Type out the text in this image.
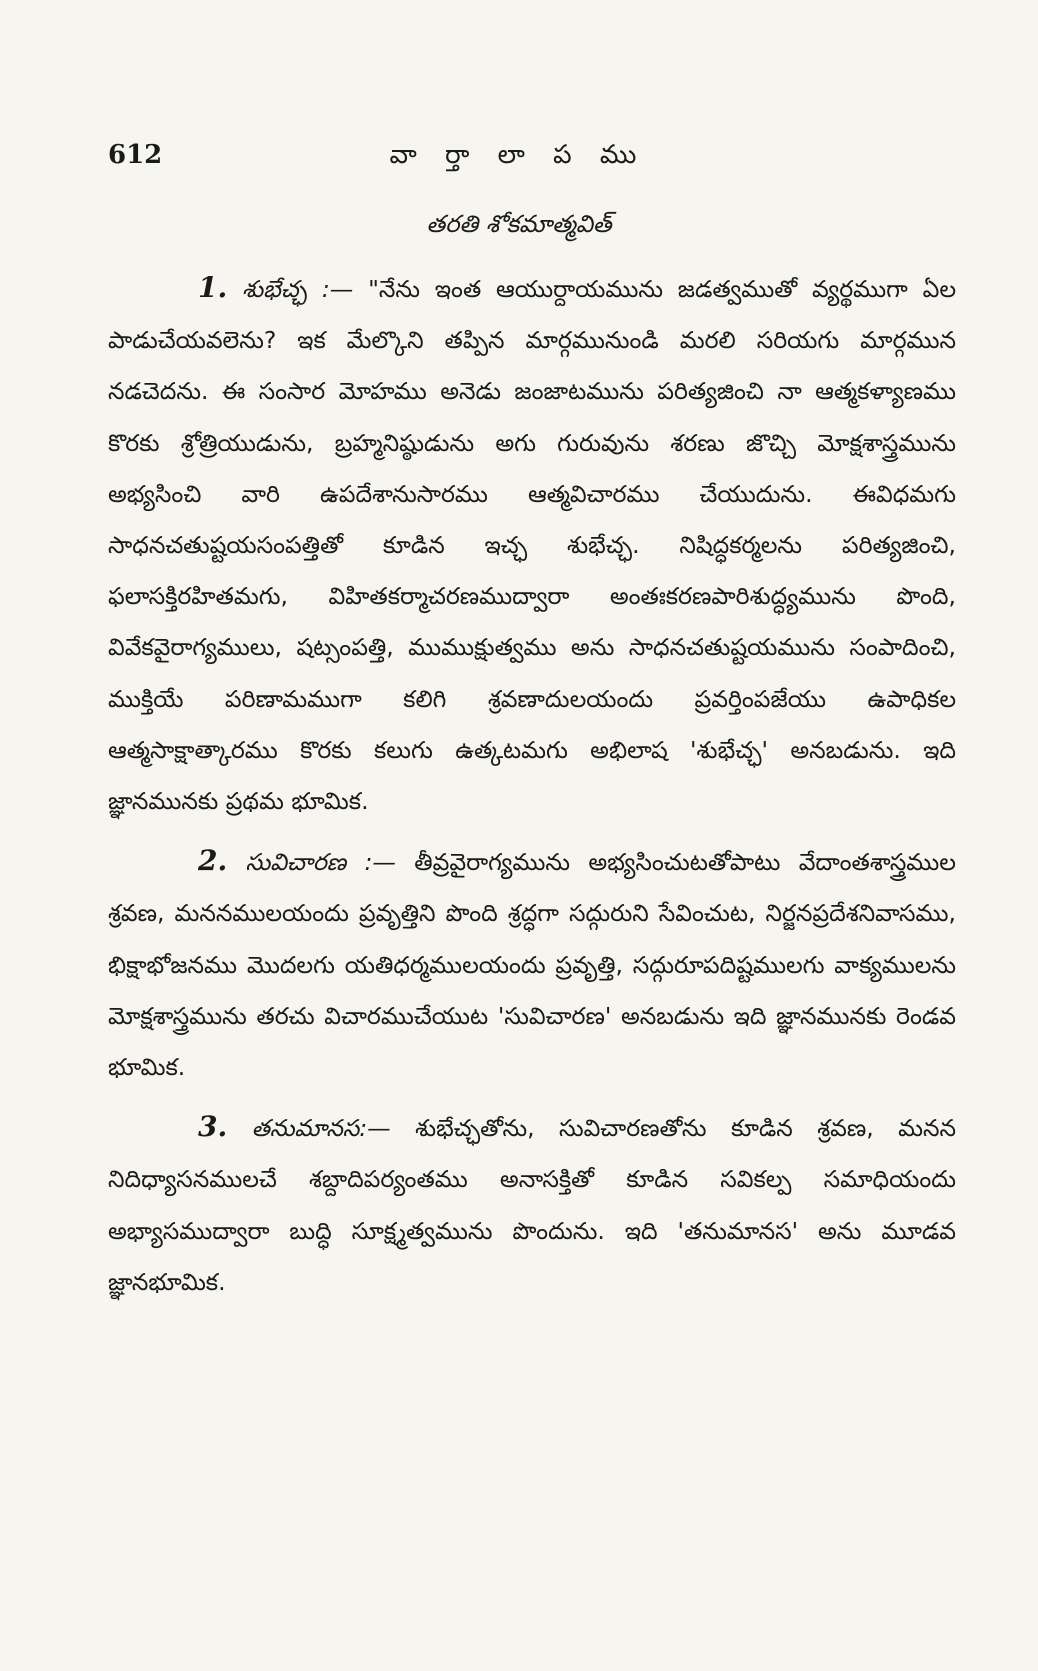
612	వా ర్తా లా ప ము
తరతి శోకమాత్మవిత్

1. శుభేచ్ఛ :— "నేను ఇంత ఆయుర్దాయమును జడత్వముతో వ్యర్థముగా ఏల పాడుచేయవలెను? ఇక మేల్కొని తప్పిన మార్గమునుండి మరలి సరియగు మార్గమున నడచెదను. ఈ సంసార మోహము అనెడు జంజాటమును పరిత్యజించి నా ఆత్మకళ్యాణము కొరకు శ్రోత్రియుడును, బ్రహ్మనిష్ఠుడును అగు గురువును శరణు జొచ్చి మోక్షశాస్త్రమును అభ్యసించి వారి ఉపదేశానుసారము ఆత్మవిచారము చేయుదును. ఈవిధమగు సాధనచతుష్టయసంపత్తితో కూడిన ఇచ్ఛ శుభేచ్ఛ. నిషిద్ధకర్మలను పరిత్యజించి, ఫలాసక్తిరహితమగు, విహితకర్మాచరణముద్వారా అంతఃకరణపారిశుద్ధ్యమును పొంది, వివేకవైరాగ్యములు, షట్సంపత్తి, ముముక్షుత్వము అను సాధనచతుష్టయమును సంపాదించి, ముక్తియే పరిణామముగా కలిగి శ్రవణాదులయందు ప్రవర్తింపజేయు ఉపాధికల ఆత్మసాక్షాత్కారము కొరకు కలుగు ఉత్కటమగు అభిలాష 'శుభేచ్ఛ' అనబడును. ఇది జ్ఞానమునకు ప్రథమ భూమిక.

2. సువిచారణ :— తీవ్రవైరాగ్యమును అభ్యసించుటతోపాటు వేదాంతశాస్త్రముల శ్రవణ, మననములయందు ప్రవృత్తిని పొంది శ్రద్ధగా సద్గురుని సేవించుట, నిర్జనప్రదేశనివాసము, భిక్షాభోజనము మొదలగు యతిధర్మములయందు ప్రవృత్తి, సద్గురూపదిష్టములగు వాక్యములను మోక్షశాస్త్రమును తరచు విచారముచేయుట 'సువిచారణ' అనబడును ఇది జ్ఞానమునకు రెండవ భూమిక.

3. తనుమానస:— శుభేచ్ఛతోను, సువిచారణతోను కూడిన శ్రవణ, మనన నిదిధ్యాసనములచే శబ్దాదిపర్యంతము అనాసక్తితో కూడిన సవికల్ప సమాధియందు అభ్యాసముద్వారా బుద్ధి సూక్ష్మత్వమును పొందును. ఇది 'తనుమానస' అను మూడవ జ్ఞానభూమిక.
